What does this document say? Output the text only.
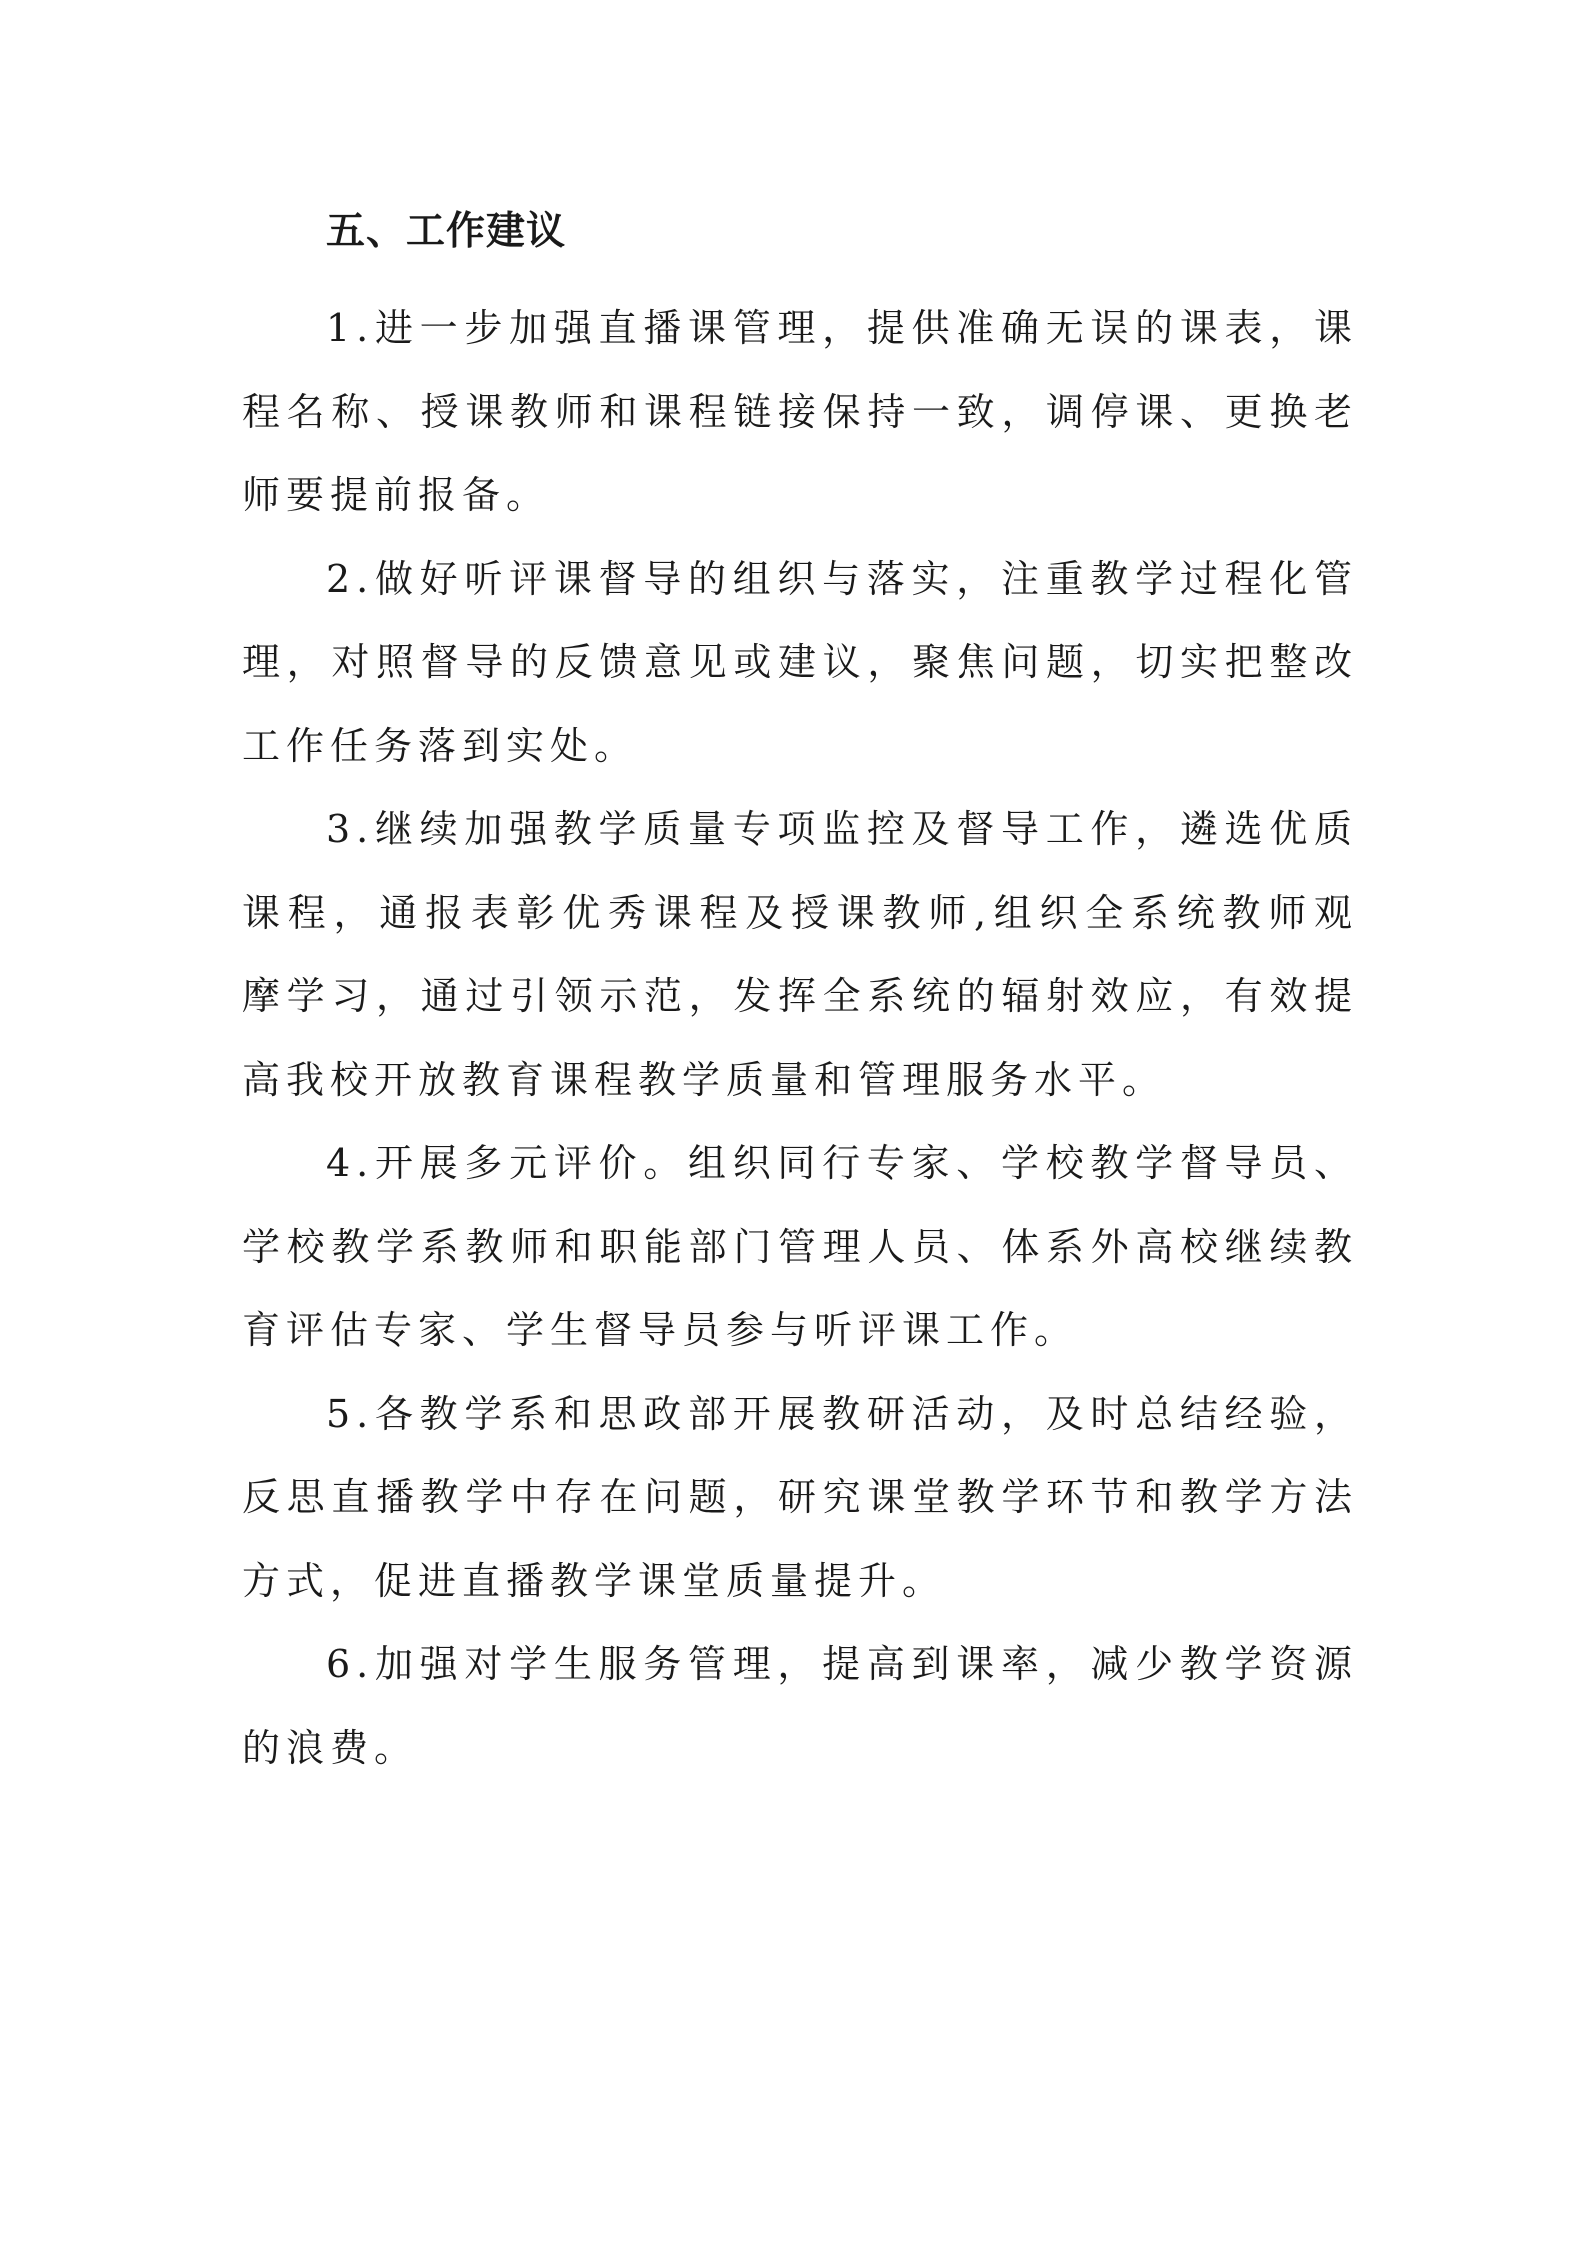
五、工作建议

1.进一步加强直播课管理，提供准确无误的课表，课程名称、授课教师和课程链接保持一致，调停课、更换老师要提前报备。

2.做好听评课督导的组织与落实，注重教学过程化管理，对照督导的反馈意见或建议，聚焦问题，切实把整改工作任务落到实处。

3.继续加强教学质量专项监控及督导工作，遴选优质课程，通报表彰优秀课程及授课教师,组织全系统教师观摩学习，通过引领示范，发挥全系统的辐射效应，有效提高我校开放教育课程教学质量和管理服务水平。

4.开展多元评价。组织同行专家、学校教学督导员、学校教学系教师和职能部门管理人员、体系外高校继续教育评估专家、学生督导员参与听评课工作。

5.各教学系和思政部开展教研活动，及时总结经验，反思直播教学中存在问题，研究课堂教学环节和教学方法方式，促进直播教学课堂质量提升。

6.加强对学生服务管理，提高到课率，减少教学资源的浪费。
